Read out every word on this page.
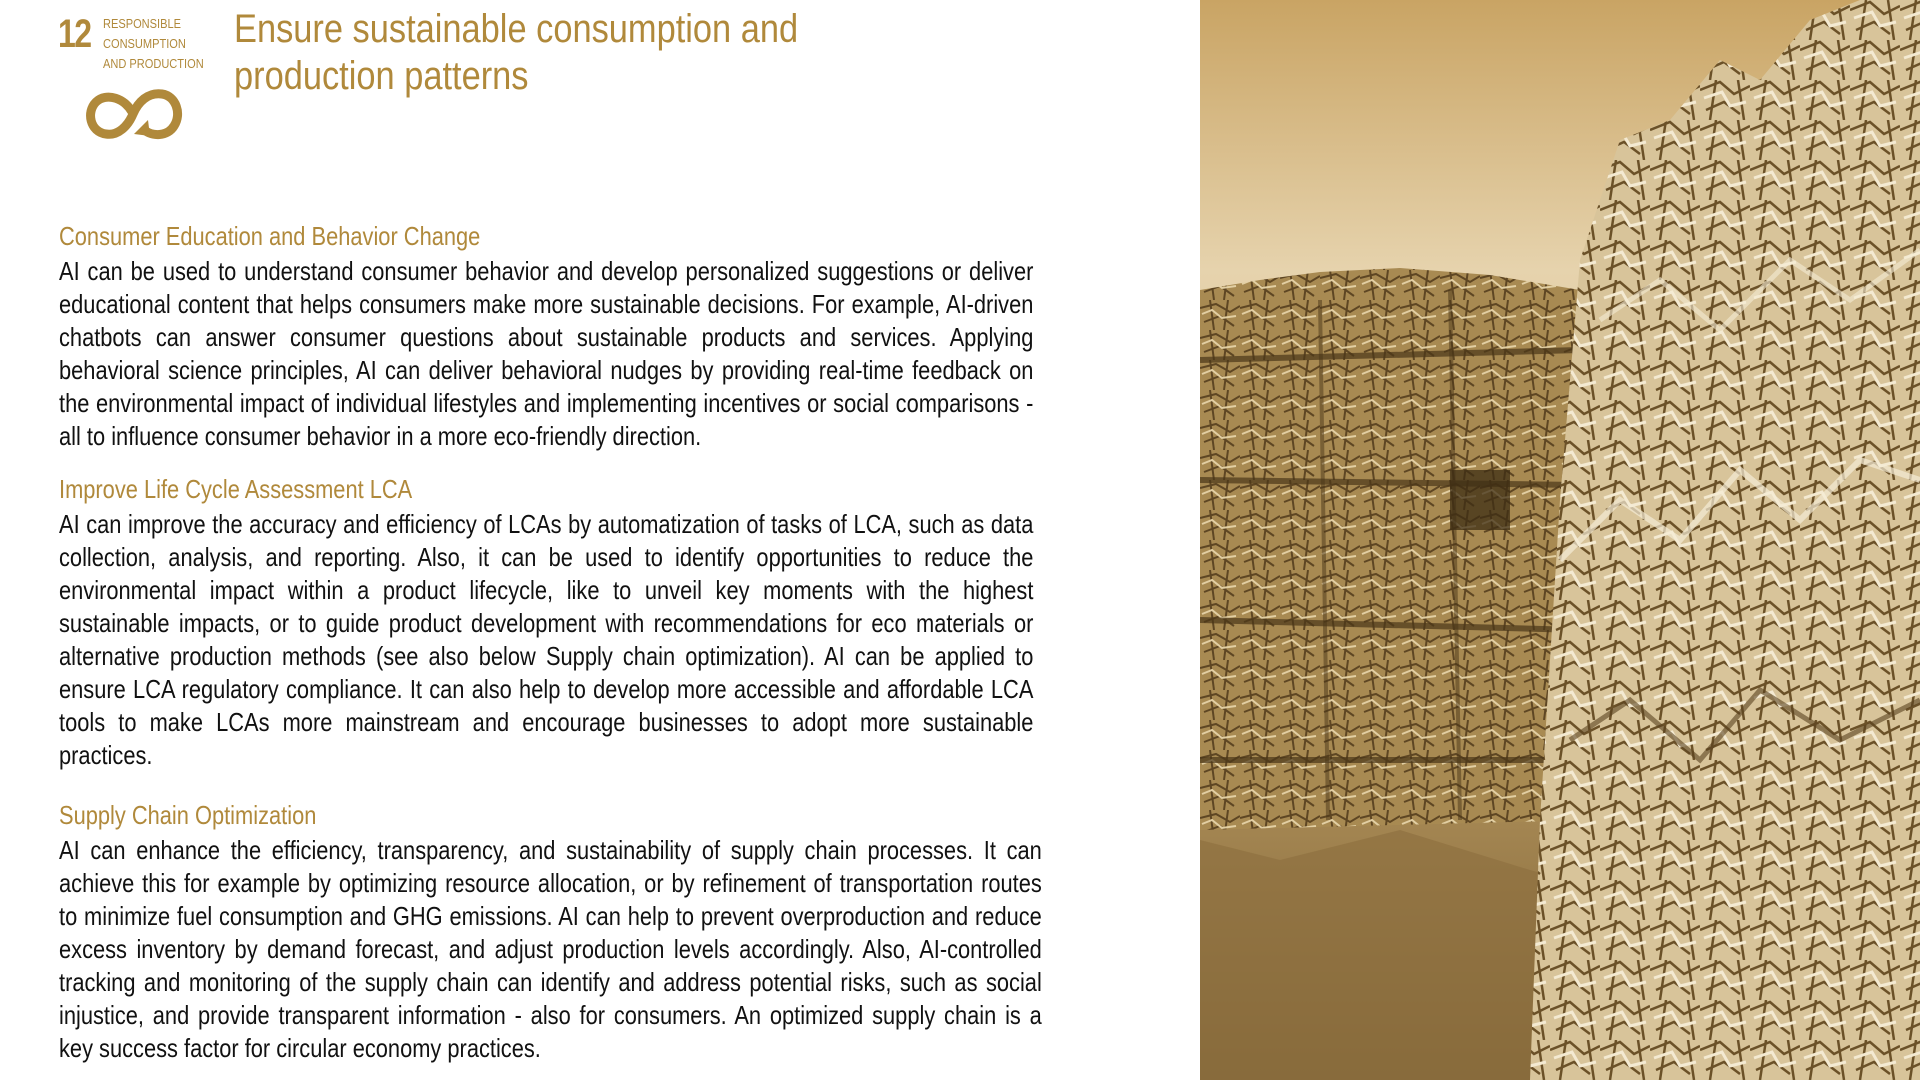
12 RESPONSIBLE
CONSUMPTION
AND PRODUCTION
Ensure sustainable consumption and production patterns
Consumer Education and Behavior Change

AI can be used to understand consumer behavior and develop personalized suggestions or deliver educational content that helps consumers make more sustainable decisions. For example, AI-driven chatbots can answer consumer questions about sustainable products and services. Applying behavioral science principles, AI can deliver behavioral nudges by providing real-time feedback on the environmental impact of individual lifestyles and implementing incentives or social comparisons - all to influence consumer behavior in a more eco-friendly direction.

Improve Life Cycle Assessment LCA

AI can improve the accuracy and efficiency of LCAs by automatization of tasks of LCA, such as data collection, analysis, and reporting. Also, it can be used to identify opportunities to reduce the environmental impact within a product lifecycle, like to unveil key moments with the highest sustainable impacts, or to guide product development with recommendations for eco materials or alternative production methods (see also below Supply chain optimization). AI can be applied to ensure LCA regulatory compliance. It can also help to develop more accessible and affordable LCA tools to make LCAs more mainstream and encourage businesses to adopt more sustainable practices.

Supply Chain Optimization

AI can enhance the efficiency, transparency, and sustainability of supply chain processes. It can achieve this for example by optimizing resource allocation, or by refinement of transportation routes to minimize fuel consumption and GHG emissions. AI can help to prevent overproduction and reduce excess inventory by demand forecast, and adjust production levels accordingly. Also, AI-controlled tracking and monitoring of the supply chain can identify and address potential risks, such as social injustice, and provide transparent information - also for consumers. An optimized supply chain is a key success factor for circular economy practices.
